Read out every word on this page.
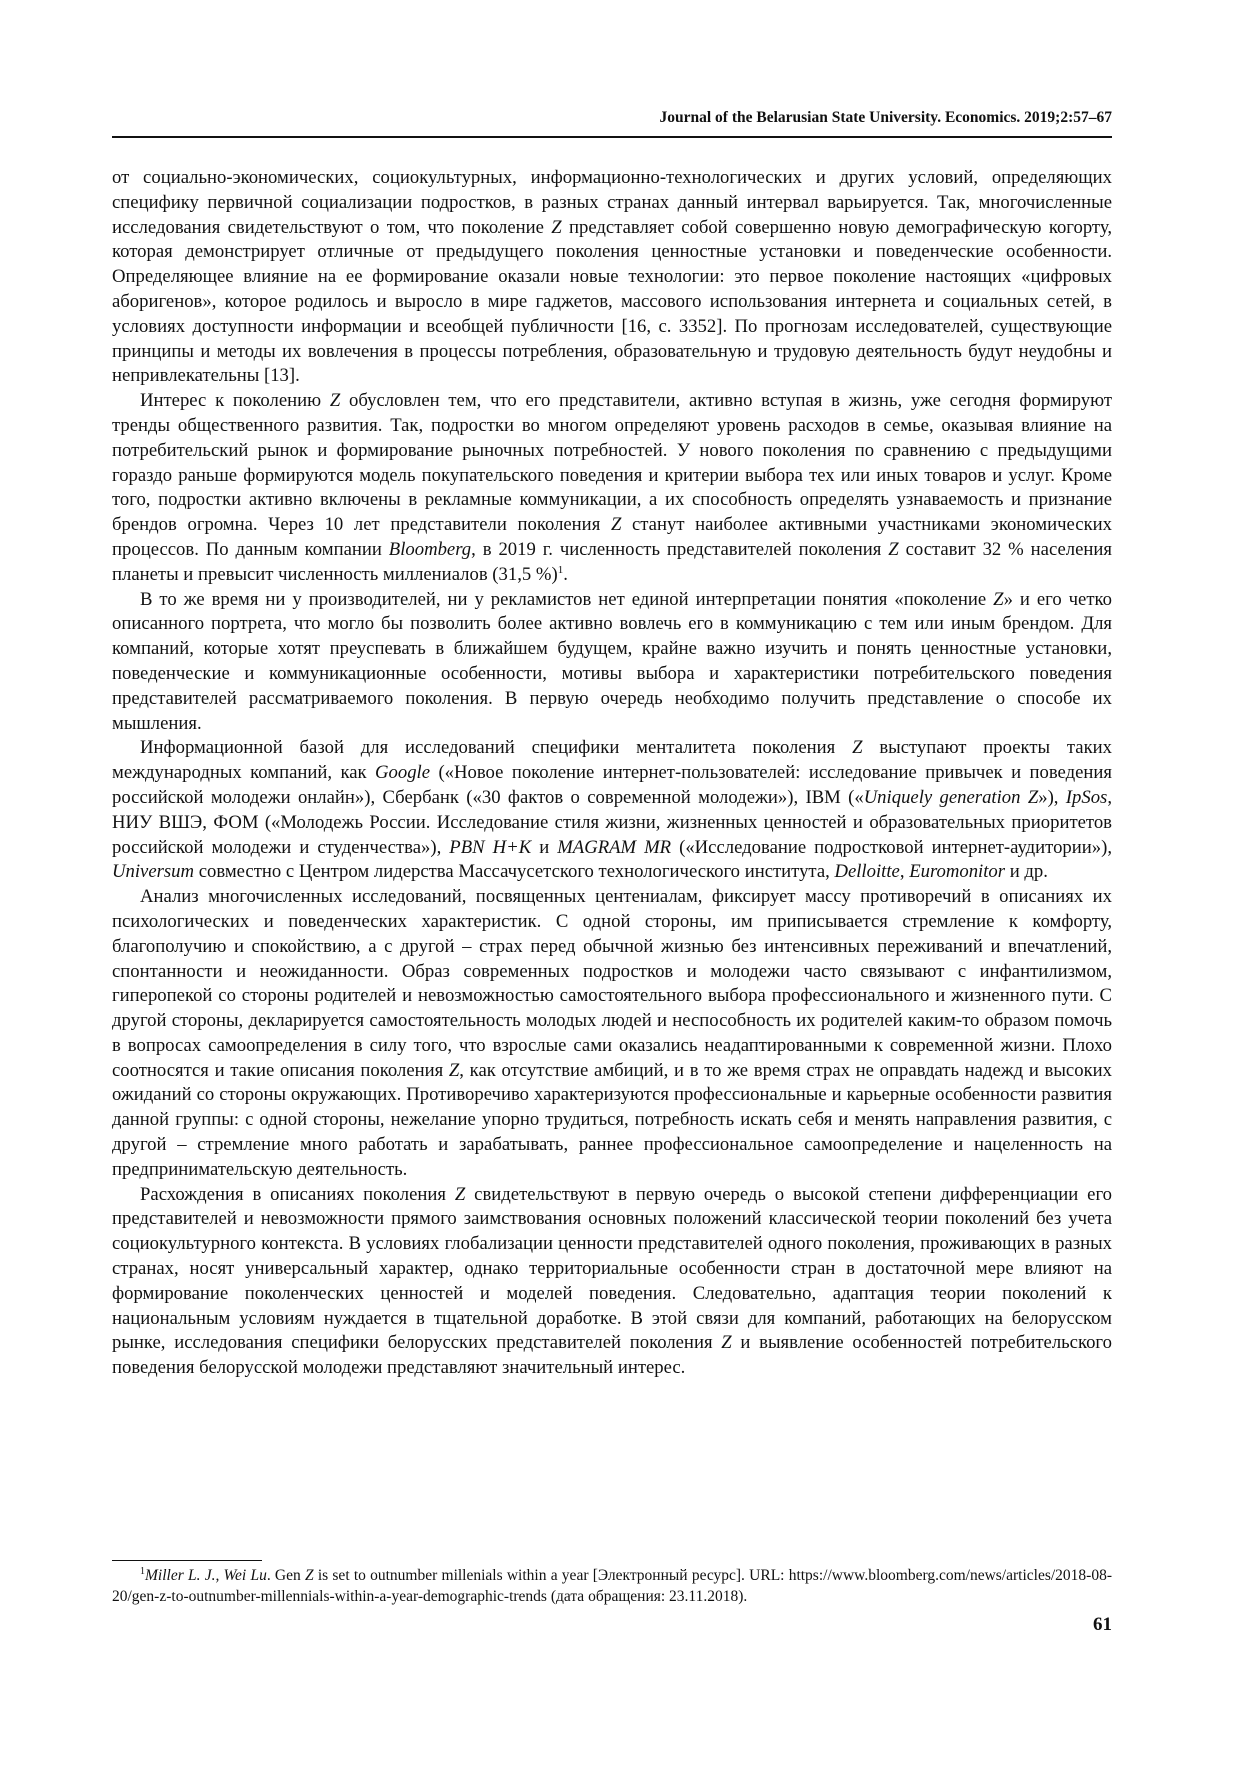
Journal of the Belarusian State University. Economics. 2019;2:57–67

от социально-экономических, социокультурных, информационно-технологических и других условий, определяющих специфику первичной социализации подростков, в разных странах данный интервал варьируется. Так, многочисленные исследования свидетельствуют о том, что поколение Z представляет собой совершенно новую демографическую когорту, которая демонстрирует отличные от предыдущего поколения ценностные установки и поведенческие особенности. Определяющее влияние на ее формирование оказали новые технологии: это первое поколение настоящих «цифровых аборигенов», которое родилось и выросло в мире гаджетов, массового использования интернета и социальных сетей, в условиях доступности информации и всеобщей публичности [16, с. 3352]. По прогнозам исследователей, существующие принципы и методы их вовлечения в процессы потребления, образовательную и трудовую деятельность будут неудобны и непривлекательны [13].

Интерес к поколению Z обусловлен тем, что его представители, активно вступая в жизнь, уже сегодня формируют тренды общественного развития. Так, подростки во многом определяют уровень расходов в семье, оказывая влияние на потребительский рынок и формирование рыночных потребностей. У нового поколения по сравнению с предыдущими гораздо раньше формируются модель покупательского поведения и критерии выбора тех или иных товаров и услуг. Кроме того, подростки активно включены в рекламные коммуникации, а их способность определять узнаваемость и признание брендов огромна. Через 10 лет представители поколения Z станут наиболее активными участниками экономических процессов. По данным компании Bloomberg, в 2019 г. численность представителей поколения Z составит 32 % населения планеты и превысит численность миллениалов (31,5 %)$^1$.

В то же время ни у производителей, ни у рекламистов нет единой интерпретации понятия «поколение Z» и его четко описанного портрета, что могло бы позволить более активно вовлечь его в коммуникацию с тем или иным брендом. Для компаний, которые хотят преуспевать в ближайшем будущем, крайне важно изучить и понять ценностные установки, поведенческие и коммуникационные особенности, мотивы выбора и характеристики потребительского поведения представителей рассматриваемого поколения. В первую очередь необходимо получить представление о способе их мышления.

Информационной базой для исследований специфики менталитета поколения Z выступают проекты таких международных компаний, как Google («Новое поколение интернет-пользователей: исследование привычек и поведения российской молодежи онлайн»), Сбербанк («30 фактов о современной молодежи»), IBM («Uniquely generation Z»), IpSos, НИУ ВШЭ, ФОМ («Молодежь России. Исследование стиля жизни, жизненных ценностей и образовательных приоритетов российской молодежи и студенчества»), PBN H+K и MAGRAM MR («Исследование подростковой интернет-аудитории»), Universum совместно с Центром лидерства Массачусетского технологического института, Delloitte, Euromonitor и др.

Анализ многочисленных исследований, посвященных центениалам, фиксирует массу противоречий в описаниях их психологических и поведенческих характеристик. С одной стороны, им приписывается стремление к комфорту, благополучию и спокойствию, а с другой – страх перед обычной жизнью без интенсивных переживаний и впечатлений, спонтанности и неожиданности. Образ современных подростков и молодежи часто связывают с инфантилизмом, гиперопекой со стороны родителей и невозможностью самостоятельного выбора профессионального и жизненного пути. С другой стороны, декларируется самостоятельность молодых людей и неспособность их родителей каким-то образом помочь в вопросах самоопределения в силу того, что взрослые сами оказались неадаптированными к современной жизни. Плохо соотносятся и такие описания поколения Z, как отсутствие амбиций, и в то же время страх не оправдать надежд и высоких ожиданий со стороны окружающих. Противоречиво характеризуются профессиональные и карьерные особенности развития данной группы: с одной стороны, нежелание упорно трудиться, потребность искать себя и менять направления развития, с другой – стремление много работать и зарабатывать, раннее профессиональное самоопределение и нацеленность на предпринимательскую деятельность.

Расхождения в описаниях поколения Z свидетельствуют в первую очередь о высокой степени дифференциации его представителей и невозможности прямого заимствования основных положений классической теории поколений без учета социокультурного контекста. В условиях глобализации ценности представителей одного поколения, проживающих в разных странах, носят универсальный характер, однако территориальные особенности стран в достаточной мере влияют на формирование поколенческих ценностей и моделей поведения. Следовательно, адаптация теории поколений к национальным условиям нуждается в тщательной доработке. В этой связи для компаний, работающих на белорусском рынке, исследования специфики белорусских представителей поколения Z и выявление особенностей потребительского поведения белорусской молодежи представляют значительный интерес.

$^1$Miller L. J., Wei Lu. Gen Z is set to outnumber millenials within a year [Электронный ресурс]. URL: https://www.bloomberg.com/news/articles/2018-08-20/gen-z-to-outnumber-millennials-within-a-year-demographic-trends (дата обращения: 23.11.2018).

61
